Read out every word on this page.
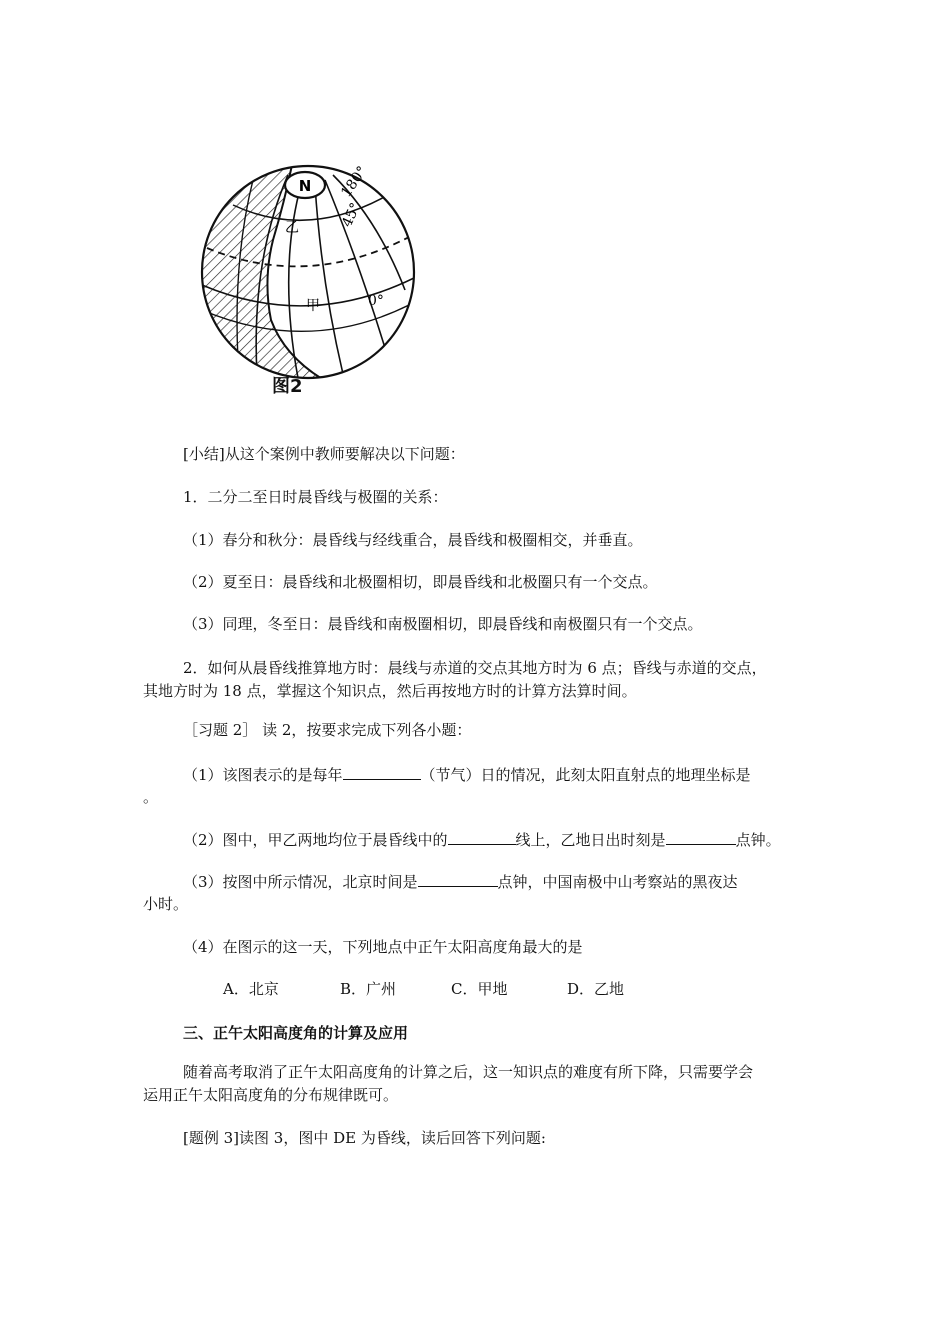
N 180°
45°
0°
乙
甲
图2
[小结]从这个案例中教师要解决以下问题：
1．二分二至日时晨昏线与极圈的关系：
（1）春分和秋分：晨昏线与经线重合，晨昏线和极圈相交，并垂直。
（2）夏至日：晨昏线和北极圈相切，即晨昏线和北极圈只有一个交点。
（3）同理，冬至日：晨昏线和南极圈相切，即晨昏线和南极圈只有一个交点。
2．如何从晨昏线推算地方时：晨线与赤道的交点其地方时为 6 点；昏线与赤道的交点，
其地方时为 18 点，掌握这个知识点，然后再按地方时的计算方法算时间。
［习题 2］ 读 2，按要求完成下列各小题：
（1）该图表示的是每年	（节气）日的情况，此刻太阳直射点的地理坐标是
。
（2）图中，甲乙两地均位于晨昏线中的	线上，乙地日出时刻是	点钟。
（3）按图中所示情况，北京时间是	点钟，中国南极中山考察站的黑夜达
小时。
（4）在图示的这一天，下列地点中正午太阳高度角最大的是
A．北京	B．广州	C．甲地	D．乙地
三、正午太阳高度角的计算及应用
随着高考取消了正午太阳高度角的计算之后，这一知识点的难度有所下降，只需要学会
运用正午太阳高度角的分布规律既可。
[题例 3]读图 3，图中 DE 为昏线，读后回答下列问题:
